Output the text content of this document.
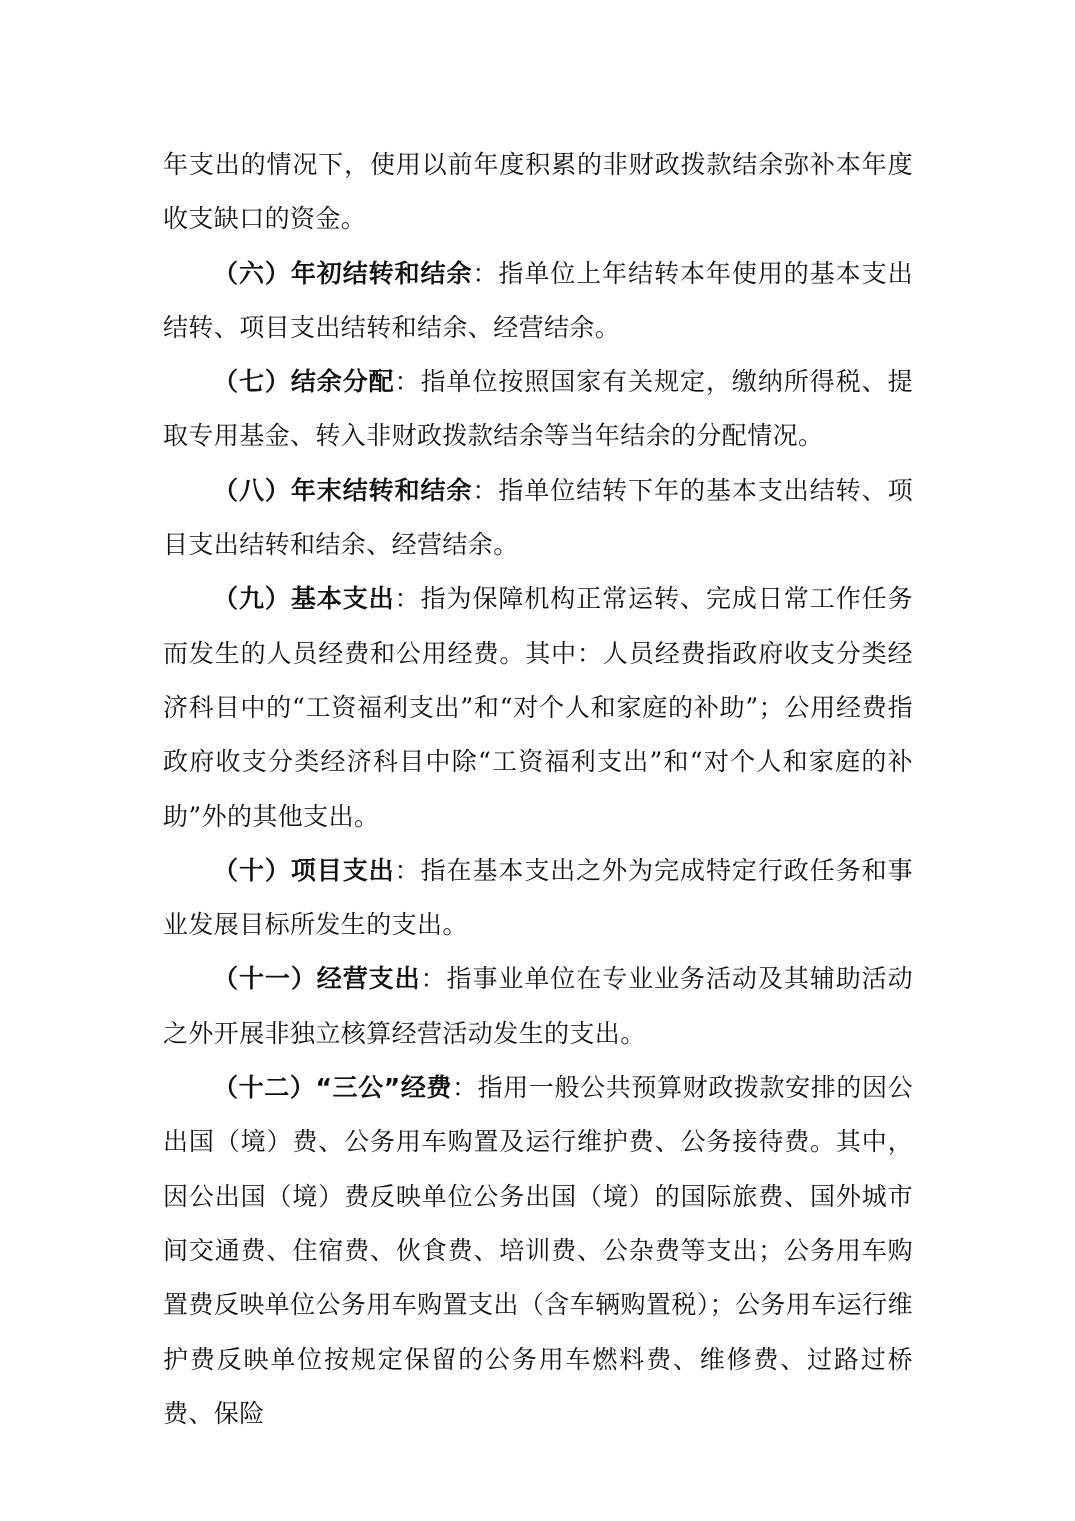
年支出的情况下，使用以前年度积累的非财政拨款结余弥补本年度收支缺口的资金。

（六）年初结转和结余：指单位上年结转本年使用的基本支出结转、项目支出结转和结余、经营结余。

（七）结余分配：指单位按照国家有关规定，缴纳所得税、提取专用基金、转入非财政拨款结余等当年结余的分配情况。

（八）年末结转和结余：指单位结转下年的基本支出结转、项目支出结转和结余、经营结余。

（九）基本支出：指为保障机构正常运转、完成日常工作任务而发生的人员经费和公用经费。其中：人员经费指政府收支分类经济科目中的“工资福利支出”和“对个人和家庭的补助”；公用经费指政府收支分类经济科目中除“工资福利支出”和“对个人和家庭的补助”外的其他支出。

（十）项目支出：指在基本支出之外为完成特定行政任务和事业发展目标所发生的支出。

（十一）经营支出：指事业单位在专业业务活动及其辅助活动之外开展非独立核算经营活动发生的支出。

（十二）“三公”经费：指用一般公共预算财政拨款安排的因公出国（境）费、公务用车购置及运行维护费、公务接待费。其中，因公出国（境）费反映单位公务出国（境）的国际旅费、国外城市间交通费、住宿费、伙食费、培训费、公杂费等支出；公务用车购置费反映单位公务用车购置支出（含车辆购置税）；公务用车运行维护费反映单位按规定保留的公务用车燃料费、维修费、过路过桥费、保险
